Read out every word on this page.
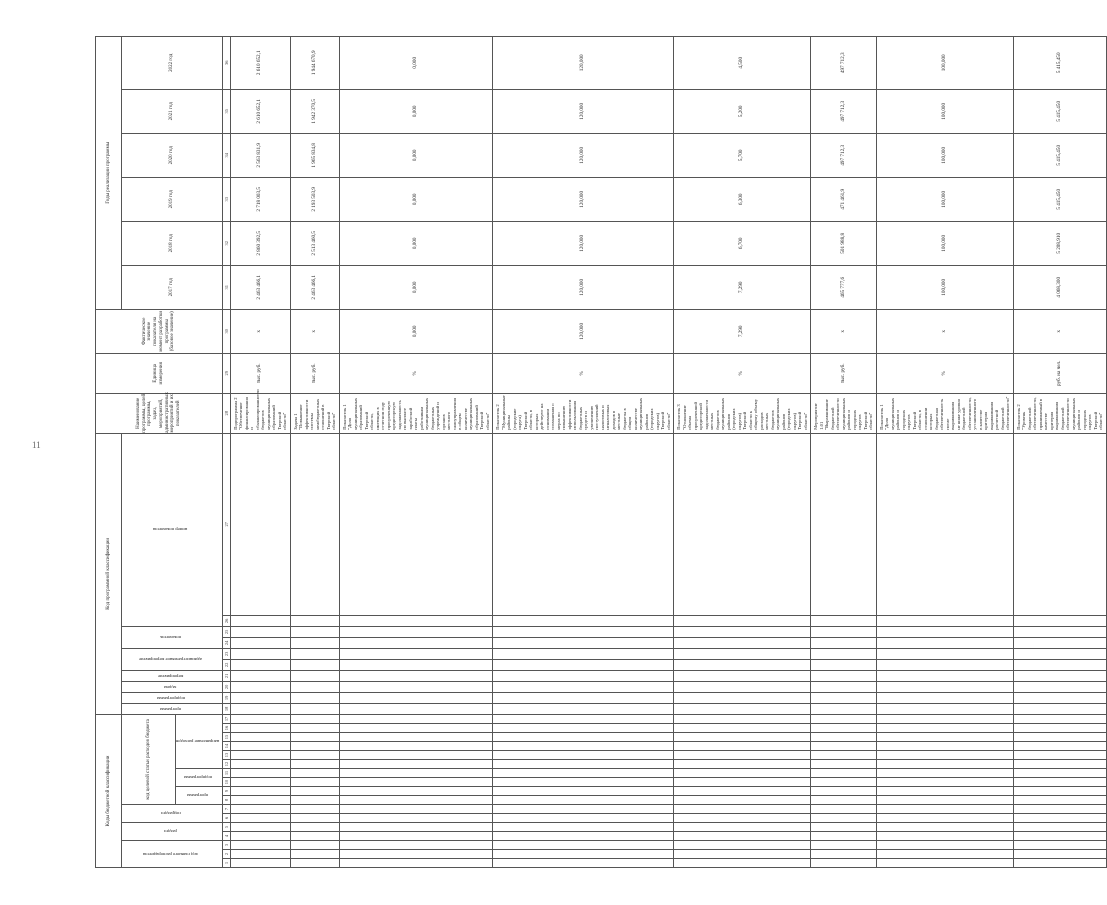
11
Коды бюджетной классификации																	Код программной классификации										Наименование программы, целей программы, задач, мероприятий, административных мероприятий и их показателей	Единица измерения	Фактическое значение показателя на момент разработки программы (базовое значение)	Годы реализации программы	
код главного распорядителя			раздел		подраздел		код целевой статьи расходов бюджета										программа	подпрограмма	задача	мероприятие	административное мероприятие		показатель		номер показателя					2017 год	2018 год	2019 год	2020 год	2021 год	2022 год	
							программа		подпрограмма		направление расходов																									
1	2	3	4	5	6	7	8	9	10	11	12	13	14	15	16	17	18	19	20	21	22	23	24	25	26	27	28	29	30	31	32	33	34	35	36	
																											Подпрограмма 2 "Обеспечение финансирования и сбалансированности бюджетов муниципальных образований Тверской области"	тыс. руб.	х	2 463 466,1	2 860 392,5	2 718 003,5	2 563 831,9	2 610 652,1	2 610 652,1	
																											Задача 1 "Повышение эффективности системы межбюджетных отношений в Тверской области"	тыс. руб.	х	2 463 466,1	2 513 460,5	2 193 503,9	1 965 834,8	1 942 370,5	1 944 670,9	
																											Показатель 1 "Доля муниципальных образований Тверской области, имеющих в отчетном году просроченную кредиторскую задолженность по выплате заработной платы работникам муниципальных бюджетных учреждений и органов местного самоуправления в общем количестве муниципальных образований Тверской области"	%	0,000	0,000	0,000	0,000	0,000	0,000	0,000	
																											Показатель 2 "Муниципальные районы (городские округа) Тверской области, в которых действуют на основании соглашения о мерах по повышению эффективности использования бюджетных средств и увеличению поступлений налоговых и неналоговых доходов в местные бюджеты в общем количестве муниципальных районов (городских округов) Тверской области"	%	120,000	120,000	120,000	120,000	120,000	120,000	120,000	
																											Показатель 3 "Отношение объема просроченной кредиторской задолженности местных бюджетов муниципальных районов (городских округов) Тверской области к общему объему расходов местных бюджетов муниципальных районов (городских округов) Тверской области"	%	7,290	7,290	6,700	6,300	5,700	5,200	4,500	
																											Мероприятие 1.01 "Выравнивание бюджетной обеспеченности муниципальных районов и городских округов Тверской области"	тыс. руб.	х	465 777,6	501 988,8	471 461,9	497 712,3	497 712,3	497 712,3	
																											Показатель 1 "Доля муниципальных районов и городских округов Тверской области, в отношении которых бюджетная обеспеченность после выравнивания не ниже уровня бюджетной обеспеченности, установленного в качестве критерия выравнивания расчетной бюджетной обеспеченности"	%	х	100,000	100,000	100,000	100,000	100,000	100,000	
																											Показатель 2 "Уровень бюджетной обеспеченности, принимаемый в качестве критерия выравнивания бюджетной обеспеченности муниципальных районов и городских округов Тверской области"	руб. на чел.	х	4 068,300	5 208,910	5 415,450	5 415,450	5 415,450	5 415,450	
